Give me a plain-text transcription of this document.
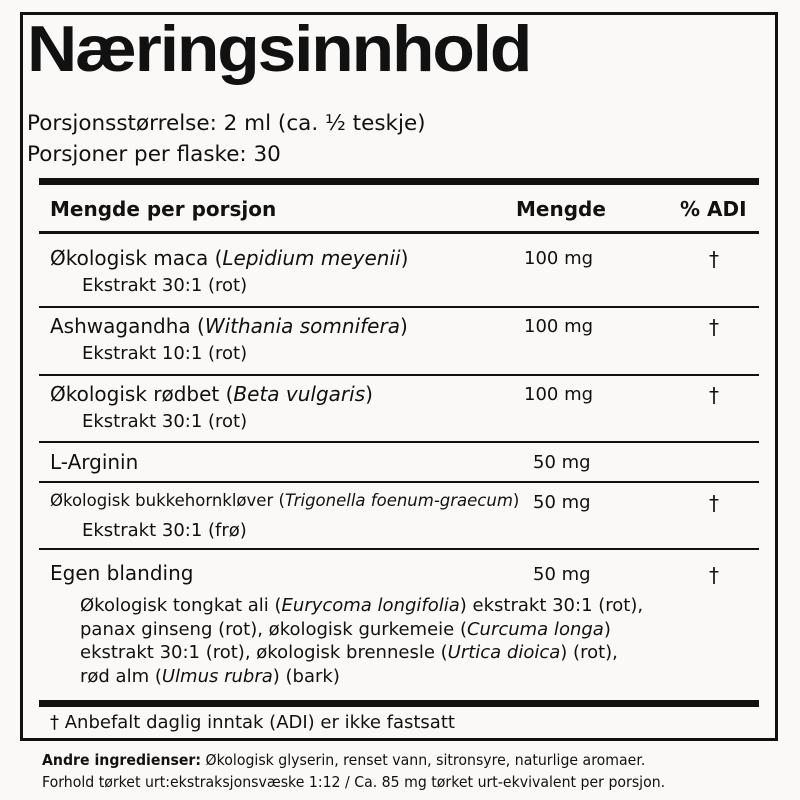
Næringsinnhold
Porsjonsstørrelse: 2 ml (ca. ½ teskje)
Porsjoner per flaske: 30
Mengde per porsjon	Mengde	% ADI
Økologisk maca (Lepidium meyenii)
Ekstrakt 30:1 (rot)
100 mg	†
Ashwagandha (Withania somnifera)
Ekstrakt 10:1 (rot)
100 mg	†
Økologisk rødbet (Beta vulgaris)
Ekstrakt 30:1 (rot)
100 mg	†
L-Arginin	50 mg
Økologisk bukkehornkløver (Trigonella foenum-graecum)
Ekstrakt 30:1 (frø)
50 mg	†
Egen blanding	50 mg	†
Økologisk tongkat ali (Eurycoma longifolia) ekstrakt 30:1 (rot),
panax ginseng (rot), økologisk gurkemeie (Curcuma longa)
ekstrakt 30:1 (rot), økologisk brennesle (Urtica dioica) (rot),
rød alm (Ulmus rubra) (bark)
† Anbefalt daglig inntak (ADI) er ikke fastsatt
Andre ingredienser: Økologisk glyserin, renset vann, sitronsyre, naturlige aromaer.
Forhold tørket urt:ekstraksjonsvæske 1:12 / Ca. 85 mg tørket urt-ekvivalent per porsjon.
